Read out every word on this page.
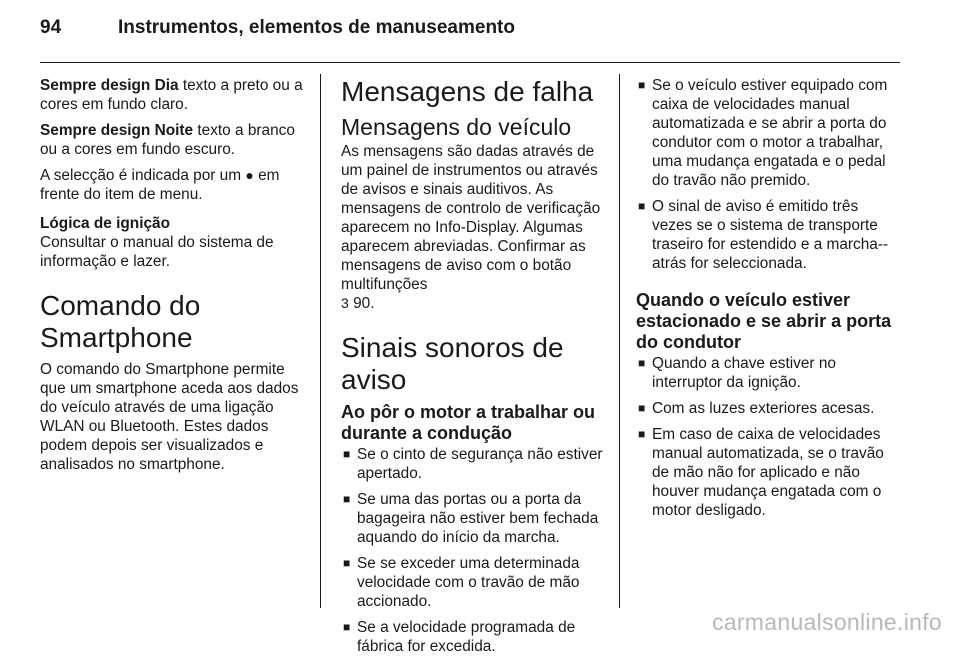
94	Instrumentos, elementos de manuseamento

Sempre design Dia texto a preto ou a cores em fundo claro.

Sempre design Noite texto a branco ou a cores em fundo escuro.

A selecção é indicada por um ● em frente do item de menu.

Lógica de ignição

Consultar o manual do sistema de informação e lazer.

Comando do Smartphone

O comando do Smartphone permite que um smartphone aceda aos dados do veículo através de uma ligação WLAN ou Bluetooth. Estes dados podem depois ser visualizados e analisados no smartphone.

Mensagens de falha
Mensagens do veículo

As mensagens são dadas através de um painel de instrumentos ou através de avisos e sinais auditivos. As mensagens de controlo de verificação aparecem no Info-Display. Algumas aparecem abreviadas. Confirmar as mensagens de aviso com o botão multifunções
3 90.

Sinais sonoros de aviso
Ao pôr o motor a trabalhar ou durante a condução
■ Se o cinto de segurança não estiver apertado.
■ Se uma das portas ou a porta da bagageira não estiver bem fechada aquando do início da marcha.
■ Se se exceder uma determinada velocidade com o travão de mão accionado.
■ Se a velocidade programada de fábrica for excedida.
■ Se o veículo estiver equipado com caixa de velocidades manual automatizada e se abrir a porta do condutor com o motor a trabalhar, uma mudança engatada e o pedal do travão não premido.
■ O sinal de aviso é emitido três vezes se o sistema de transporte traseiro for estendido e a marcha--atrás for seleccionada.
Quando o veículo estiver estacionado e se abrir a porta do condutor
■ Quando a chave estiver no interruptor da ignição.
■ Com as luzes exteriores acesas.
■ Em caso de caixa de velocidades manual automatizada, se o travão de mão não for aplicado e não houver mudança engatada com o motor desligado.
carmanualsonline.info
